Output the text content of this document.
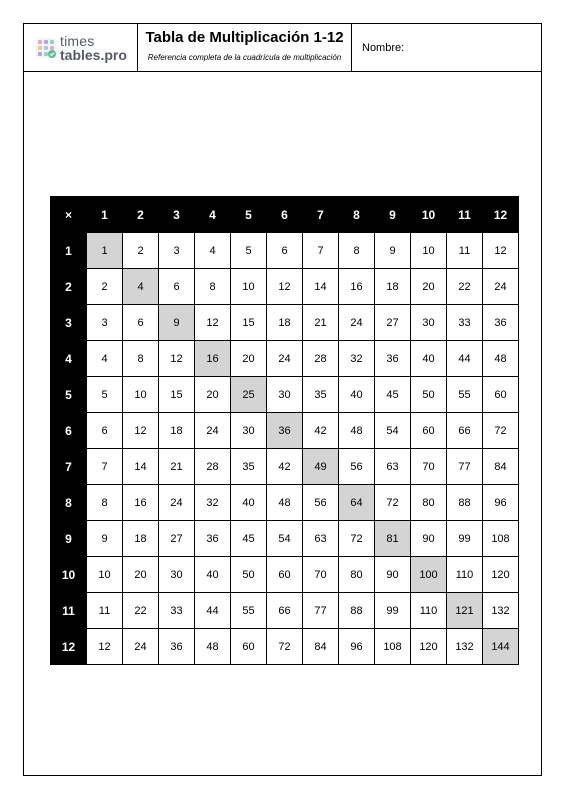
times
tables.pro
Tabla de Multiplicación 1-12
Referencia completa de la cuadrícula de multiplicación
Nombre:
×	1	2	3	4	5	6	7	8	9	10	11	12
1	1	2	3	4	5	6	7	8	9	10	11	12
2	2	4	6	8	10	12	14	16	18	20	22	24
3	3	6	9	12	15	18	21	24	27	30	33	36
4	4	8	12	16	20	24	28	32	36	40	44	48
5	5	10	15	20	25	30	35	40	45	50	55	60
6	6	12	18	24	30	36	42	48	54	60	66	72
7	7	14	21	28	35	42	49	56	63	70	77	84
8	8	16	24	32	40	48	56	64	72	80	88	96
9	9	18	27	36	45	54	63	72	81	90	99	108
10	10	20	30	40	50	60	70	80	90	100	110	120
11	11	22	33	44	55	66	77	88	99	110	121	132
12	12	24	36	48	60	72	84	96	108	120	132	144
